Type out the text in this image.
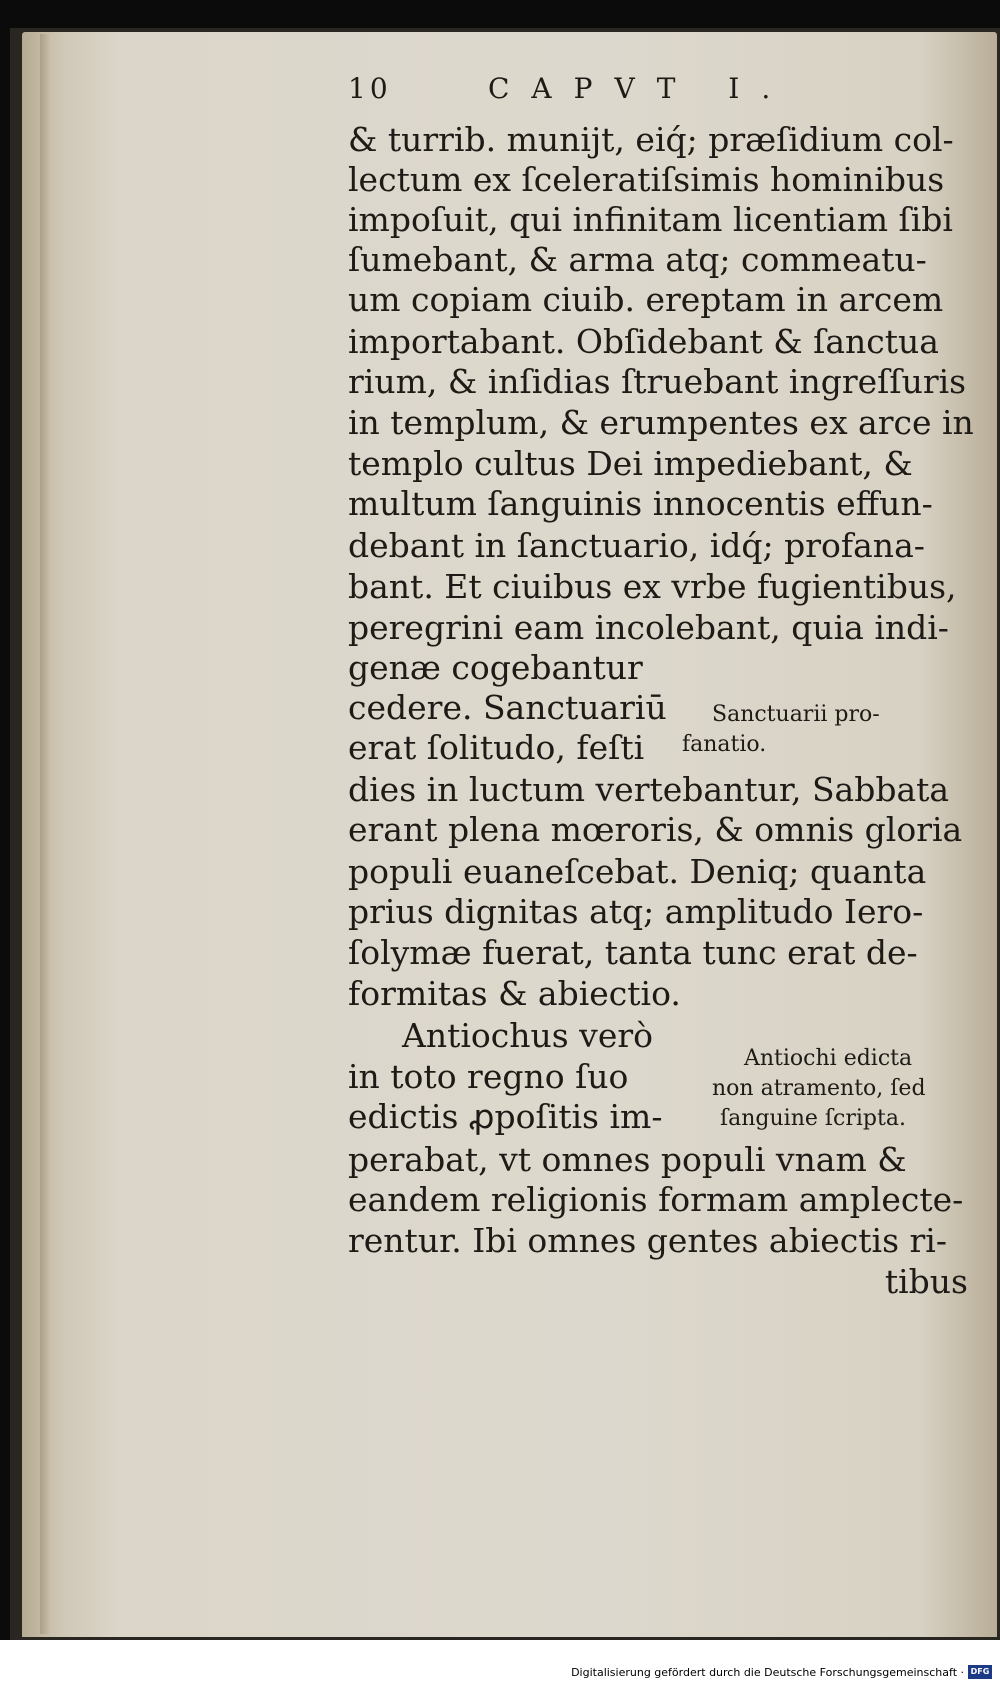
10	CAPVT I.
& turrib. munijt, eiq́; præſidium col-
lectum ex ſceleratiſsimis hominibus
impoſuit, qui infinitam licentiam ſibi
ſumebant, & arma atq; commeatu-
um copiam ciuib. ereptam in arcem
importabant. Obſidebant & ſanctua
rium, & inſidias ſtruebant ingreſſuris
in templum, & erumpentes ex arce in
templo cultus Dei impediebant, &
multum ſanguinis innocentis effun-
debant in ſanctuario, idq́; profana-
bant. Et ciuibus ex vrbe fugientibus,
peregrini eam incolebant, quia indi-
genæ cogebantur
cedere. Sanctuariū
erat ſolitudo, feſti
dies in luctum vertebantur, Sabbata
erant plena mœroris, & omnis gloria
populi euaneſcebat. Deniq; quanta
prius dignitas atq; amplitudo Iero-
ſolymæ fuerat, tanta tunc erat de-
formitas & abiectio.
Antiochus verò
in toto regno ſuo
edictis ꝓpoſitis im-
perabat, vt omnes populi vnam &
eandem religionis formam amplecte-
rentur. Ibi omnes gentes abiectis ri-
tibus
Sanctuarii pro-
fanatio.
Antiochi edicta
non atramento, ſed
ſanguine ſcripta.
Digitalisierung gefördert durch die Deutsche Forschungsgemeinschaft · DFG
